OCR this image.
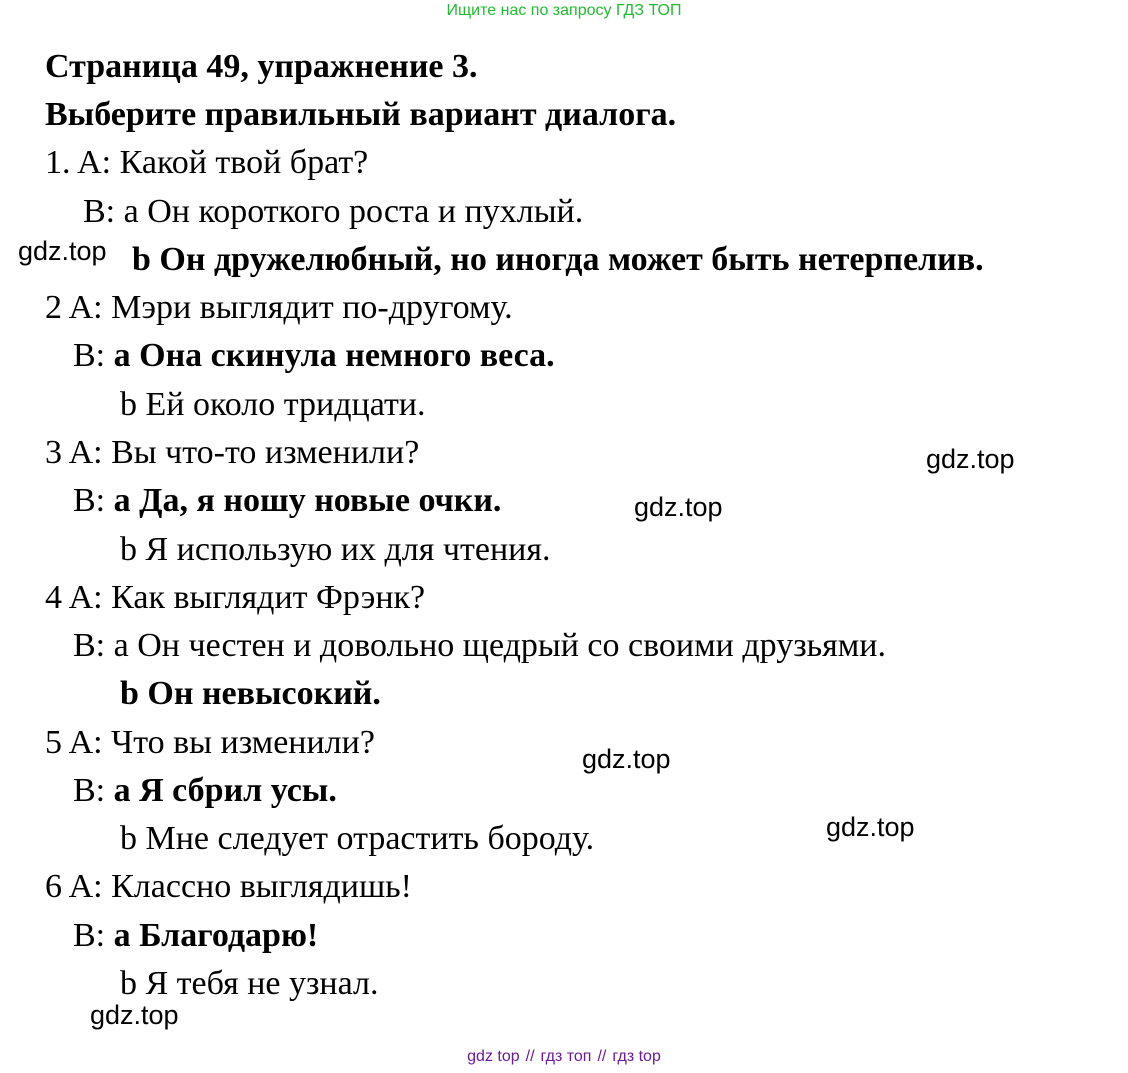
Ищите нас по запросу ГДЗ ТОП
Страница 49, упражнение 3.
Выберите правильный вариант диалога.
1. A: Какой твой брат?
B: a Он короткого роста и пухлый.
gdz.top b Он дружелюбный, но иногда может быть нетерпелив.
2 A: Мэри выглядит по-другому.
B: a Она скинула немного веса.
b Ей около тридцати.
3 A: Вы что-то изменили?	gdz.top
B: a Да, я ношу новые очки.	gdz.top
b Я использую их для чтения.
4 A: Как выглядит Фрэнк?
B: a Он честен и довольно щедрый со своими друзьями.
b Он невысокий.
5 A: Что вы изменили?	gdz.top
B: a Я сбрил усы.
gdz.top
b Мне следует отрастить бороду.
6 A: Классно выглядишь!
B: a Благодарю!
b Я тебя не узнал.
gdz.top
gdz top // гдз топ // гдз top
